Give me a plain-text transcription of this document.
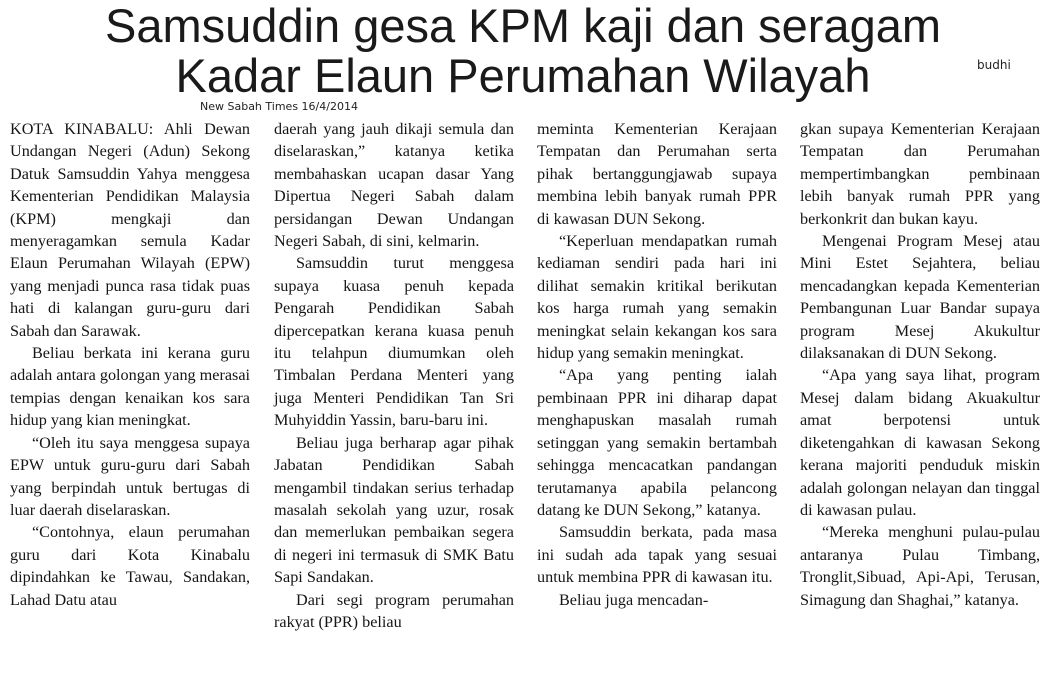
Samsuddin gesa KPM kaji dan seragam
Kadar Elaun Perumahan Wilayah	budhi
New Sabah Times 16/4/2014

KOTA KINABALU: Ahli Dewan Undangan Negeri (Adun) Sekong Datuk Samsuddin Yahya menggesa Kementerian Pendidikan Malaysia (KPM) mengkaji dan menyeragamkan semula Kadar Elaun Perumahan Wilayah (EPW) yang menjadi punca rasa tidak puas hati di kalangan guru-guru dari Sabah dan Sarawak.

Beliau berkata ini kerana guru adalah antara golongan yang merasai tempias dengan kenaikan kos sara hidup yang kian meningkat.

“Oleh itu saya menggesa supaya EPW untuk guru-guru dari Sabah yang berpindah untuk bertugas di luar daerah diselaraskan.

“Contohnya, elaun perumahan guru dari Kota Kinabalu dipindahkan ke Tawau, Sandakan, Lahad Datu atau

daerah yang jauh dikaji semula dan diselaraskan,” katanya ketika membahaskan ucapan dasar Yang Dipertua Negeri Sabah dalam persidangan Dewan Undangan Negeri Sabah, di sini, kelmarin.

Samsuddin turut menggesa supaya kuasa penuh kepada Pengarah Pendidikan Sabah dipercepatkan kerana kuasa penuh itu telahpun diumumkan oleh Timbalan Perdana Menteri yang juga Menteri Pendidikan Tan Sri Muhyiddin Yassin, baru-baru ini.

Beliau juga berharap agar pihak Jabatan Pendidikan Sabah mengambil tindakan serius terhadap masalah sekolah yang uzur, rosak dan memerlukan pembaikan segera di negeri ini termasuk di SMK Batu Sapi Sandakan.

Dari segi program perumahan rakyat (PPR) beliau

meminta Kementerian Kerajaan Tempatan dan Perumahan serta pihak bertanggungjawab supaya membina lebih banyak rumah PPR di kawasan DUN Sekong.

“Keperluan mendapatkan rumah kediaman sendiri pada hari ini dilihat semakin kritikal berikutan kos harga rumah yang semakin meningkat selain kekangan kos sara hidup yang semakin meningkat.

“Apa yang penting ialah pembinaan PPR ini diharap dapat menghapuskan masalah rumah setinggan yang semakin bertambah sehingga mencacatkan pandangan terutamanya apabila pelancong datang ke DUN Sekong,” katanya.

Samsuddin berkata, pada masa ini sudah ada tapak yang sesuai untuk membina PPR di kawasan itu.

Beliau juga mencadan-

gkan supaya Kementerian Kerajaan Tempatan dan Perumahan mempertimbangkan pembinaan lebih banyak rumah PPR yang berkonkrit dan bukan kayu.

Mengenai Program Mesej atau Mini Estet Sejahtera, beliau mencadangkan kepada Kementerian Pembangunan Luar Bandar supaya program Mesej Akukultur dilaksanakan di DUN Sekong.

“Apa yang saya lihat, program Mesej dalam bidang Akuakultur amat berpotensi untuk diketengahkan di kawasan Sekong kerana majoriti penduduk miskin adalah golongan nelayan dan tinggal di kawasan pulau.

“Mereka menghuni pulau-pulau antaranya Pulau Timbang, Tronglit,Sibuad, Api-Api, Terusan, Simagung dan Shaghai,” katanya.
